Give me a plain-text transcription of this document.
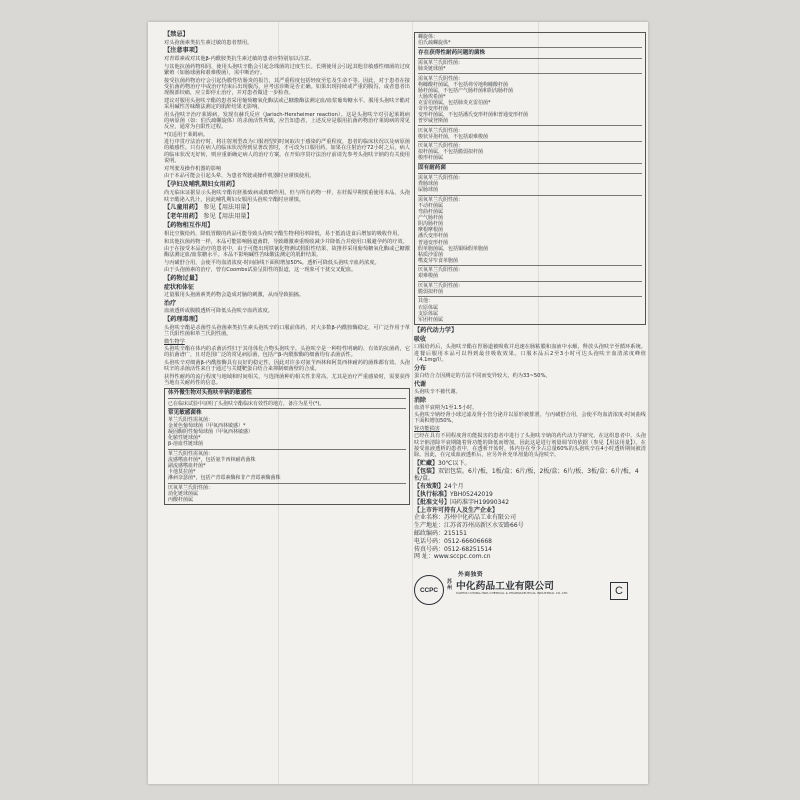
【禁忌】
对头孢菌素类抗生素过敏的患者禁用。
【注意事项】
对青霉素或对其他β-内酰胺类抗生素过敏的患者应特别加以注意。
与其他抗菌药物相同，使用头孢呋辛酯会引起念珠菌的过度生长。长期使用会引起其他非敏感性细菌的过度繁殖（如肠球菌和艰难梭菌），需中断治疗。
接受抗菌药物治疗会引起伪膜性结肠炎的报告，其严重程度包括轻度至危及生命不等。因此，对于患者在接受抗菌药物治疗中或治疗结束后出现腹泻，应考虑诊断是否正确。如果出现持续或严重的腹泻，或者患者出现腹部绞痛，应立即停止治疗，并对患者做进一步检查。
建议对服用头孢呋辛酯的患者采用葡萄糖氧化酶法或己糖激酶法测定血/血浆葡萄糖水平。服用头孢呋辛酯对采用碱性苦味酸法测定的肌酐结果无影响。
用头孢呋辛治疗莱姆病，发现有赫氏反应（Jarisch-Herxheimer reaction）。这是头孢呋辛对引起莱姆病的病原菌（如：伯氏疏螺旋体）的杀菌活性所致，应告知患者，上述反应是服用抗菌药物治疗莱姆病的常见反应，通常为自限性过程。
*仅适用于莱姆病。
进行序贯疗法治疗时，将注射剂型改为口服剂型的时间取决于感染的严重程度，患者的临床状况以及病原菌的敏感性。只有在病人的临床状况得到显著改善时，才可改为口服用药。如果在注射治疗72小时之后，病人的临床状况无好转，则应重新确定病人的治疗方案。在开始序贯疗法治疗前请先参考头孢呋辛钠的有关使用说明。
对驾驶及操作机器的影响
由于本品可能会引起头晕，为患者驾驶或操作机器时应谨慎使用。
【孕妇及哺乳期妇女用药】
尚无临床证据显示头孢呋辛酯有胚胎致病或致畸作用。但与所有药物一样，在妊娠早期慎重使用本品。头孢呋辛酯泌入乳汁，因此哺乳期妇女服用头孢呋辛酯时应谨慎。
【儿童用药】 参见【用法用量】
【老年用药】 参见【用法用量】
【药物相互作用】
相比空腹给药，降低胃酸的药品可能导致头孢呋辛酯生物利用率降低，易于抵消进食后增加的吸收作用。
和其他抗菌药物一样，本品可能影响肠道菌群，导致雌激素重吸收减少并降低合并使用口服避孕药的疗效。
由于在接受本品治疗的患者中，由于可能出现铁氰化物测试假阳性结果，故推荐采用葡萄糖氧化酶或己糖激酶法测定血/血浆糖水平。本品不影响碱性苦味酸法测定的肌酐结果。
与丙磺舒合用，会使平均血清浓度-时间曲线下面积增加50%。透析可降低头孢呋辛血药浓度。
由于头孢菌素的治疗，曾有Coombs试验呈阳性的报道，这一现象可干扰交叉配血。
【药物过量】
症状和体征
过量服用头孢菌素类药物会造成对脑的刺激，从而导致抽搐。
治疗
血液透析或腹膜透析可降低头孢呋辛血药浓度。
【药理毒理】
头孢呋辛酯是杀菌性头孢菌素类抗生素头孢呋辛的口服前体药，对大多数β-内酰胺酶稳定，可广泛作用于革兰氏阳性菌和革兰氏阴性菌。
微生物学
头孢呋辛酯在体内的杀菌活性归于其母体化合物头孢呋辛。头孢呋辛是一种特性明确的、有效的抗菌药，它的抗菌谱广，且对范围广泛的常见病原菌，包括产β-内酰胺酶的细菌均有杀菌活性。
头孢呋辛对细菌β-内酰胺酶具有良好的稳定性，因此对许多对氨苄西林和阿莫西林耐药的菌株都有效。头孢呋辛的杀菌活性来自于通过与关键靶蛋白结合来抑制细菌壁的合成。
获得性耐药的流行程度与地域和时间相关，与选择菌种的相关性非常高，尤其是治疗严重感染时，需要获得当地有关耐药性的信息。
体外微生物对头孢呋辛钠的敏感性
已在临床试验中证明了头孢呋辛酯临床有效性的地方，备注为星号(*)。
常见敏感菌株
革兰氏阳性需氧菌：
金黄色葡萄球菌（甲氧西林敏感）*
凝固酶阴性葡萄球菌（甲氧西林敏感）
化脓性链球菌*
β-溶血性链球菌
革兰氏阴性需氧菌：
流感嗜血杆菌*，包括氨苄西林耐药菌株
副流感嗜血杆菌*
卡他莫拉菌*
淋病奈瑟菌*，包括产青霉素酶和非产青霉素酶菌株
厌氧革兰氏阳性菌：
消化链球菌属
丙酸杆菌属
螺旋体：
伯氏疏螺旋体*
存在获得性耐药问题的菌株
需氧革兰氏阳性菌：
肺炎链球菌*
需氧革兰氏阴性菌：
枸橼酸杆菌属，不包括弗劳地枸橼酸杆菌
肠杆菌属，不包括产气肠杆菌和阴沟肠杆菌
大肠埃希菌*
克雷伯菌属，包括肺炎克雷伯菌*
奇异变形杆菌
变形杆菌属，不包括潘氏变形杆菌和普通变形杆菌
普罗威登斯菌
厌氧革兰氏阳性菌：
梭状芽孢杆菌，不包括艰难梭菌
厌氧革兰氏阴性菌：
拟杆菌属，不包括脆弱拟杆菌
梭形杆菌属
固有耐药菌
需氧革兰氏阳性菌：
粪肠球菌
屎肠球菌
需氧革兰氏阴性菌：
不动杆菌属
弯曲杆菌属
产气肠杆菌
阴沟肠杆菌
摩根摩根菌
潘氏变形杆菌
普通变形杆菌
假单胞菌属，包括铜绿假单胞菌
粘质沙雷菌
嗜麦芽窄食单胞菌
厌氧革兰氏阳性菌：
艰难梭菌
厌氧革兰氏阴性菌：
脆弱拟杆菌
其他：
衣原体属
支原体属
军团杆菌属
【药代动力学】
吸收
口服给药后，头孢呋辛酯在胃肠道被吸收并迅速在肠粘膜和血液中水解，释放头孢呋辛至循环系统。进餐后服用本品可以得到最佳吸收效果。口服本品后2至3小时可达头孢呋辛血清浓度峰值（4.1mg/l）。
分布
蛋白结合力因测定的方法不同而变异较大，约为33~50%。
代谢
头孢呋辛不被代谢。
消除
血清半衰期为1至1.5小时。
头孢呋辛钠经肾小球过滤及肾小管分泌并以原形被排泄。与丙磺舒合用，会使平均血清浓度-时间曲线下面积增加50%。
肾功能损害
已经在具有不同程度肾功能损害的患者中进行了头孢呋辛钠的药代动力学研究。在这组患者中，头孢呋辛钠清除半衰期随着肾功能的降低而增加，因此这是进行剂量调节的依据（参见【用法用量】）。在接受血液透析的患者中，在透析开始时，体内存在至少占总量60%的头孢呋辛在4小时透析期间被清除。因此，在完成血液透析后，应另外补充单剂量的头孢呋辛。
【贮藏】30℃以下。
【包装】双铝包装。6片/板，1板/盒；6片/板，2板/盒；6片/板，3板/盒；6片/板，4板/盒。
【有效期】24个月
【执行标准】YBH05242019
【批准文号】国药准字H19990342
【上市许可持有人及生产企业】
企业名称：苏州中化药品工业有限公司
生产地址：江苏省苏州高新区水安路66号
邮政编码：215151
电话号码：0512-66606668
传真号码：0512-68251514
网 址：www.sccpc.com.cn
外商独资
CCPC
苏州 中化药品工业有限公司
SUZHOU CHUNG-HWA CHEMICAL & PHARMACEUTICAL INDUSTRIAL CO.,LTD	C
